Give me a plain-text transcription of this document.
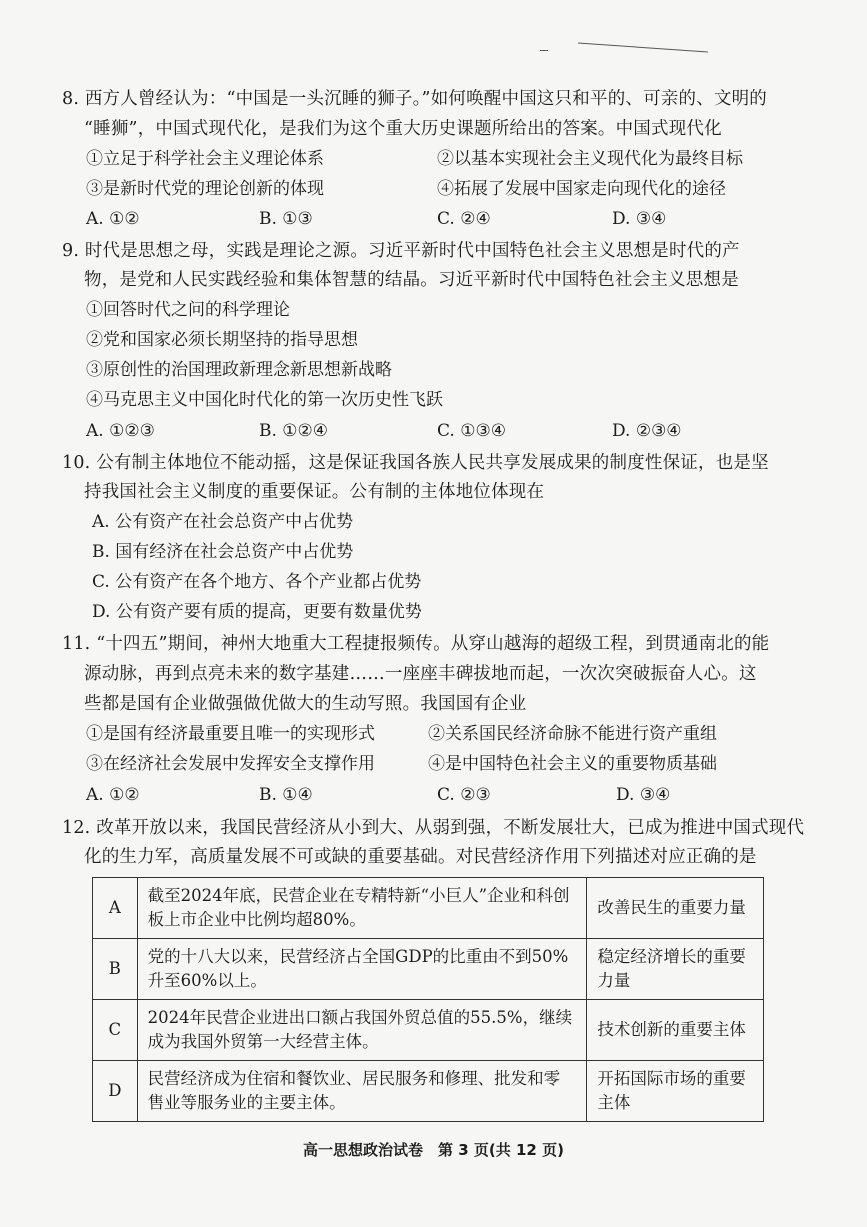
8. 西方人曾经认为：“中国是一头沉睡的狮子。”如何唤醒中国这只和平的、可亲的、文明的
“睡狮”，中国式现代化，是我们为这个重大历史课题所给出的答案。中国式现代化
①立足于科学社会主义理论体系	②以基本实现社会主义现代化为最终目标
③是新时代党的理论创新的体现	④拓展了发展中国家走向现代化的途径
A. ①②	B. ①③	C. ②④	D. ③④
9. 时代是思想之母，实践是理论之源。习近平新时代中国特色社会主义思想是时代的产
物，是党和人民实践经验和集体智慧的结晶。习近平新时代中国特色社会主义思想是
①回答时代之问的科学理论
②党和国家必须长期坚持的指导思想
③原创性的治国理政新理念新思想新战略
④马克思主义中国化时代化的第一次历史性飞跃
A. ①②③	B. ①②④	C. ①③④	D. ②③④
10. 公有制主体地位不能动摇，这是保证我国各族人民共享发展成果的制度性保证，也是坚
持我国社会主义制度的重要保证。公有制的主体地位体现在
A. 公有资产在社会总资产中占优势
B. 国有经济在社会总资产中占优势
C. 公有资产在各个地方、各个产业都占优势
D. 公有资产要有质的提高，更要有数量优势
11. “十四五”期间，神州大地重大工程捷报频传。从穿山越海的超级工程，到贯通南北的能
源动脉，再到点亮未来的数字基建……一座座丰碑拔地而起，一次次突破振奋人心。这
些都是国有企业做强做优做大的生动写照。我国国有企业
①是国有经济最重要且唯一的实现形式	②关系国民经济命脉不能进行资产重组
③在经济社会发展中发挥安全支撑作用	④是中国特色社会主义的重要物质基础
A. ①②	B. ①④	C. ②③	D. ③④
12. 改革开放以来，我国民营经济从小到大、从弱到强，不断发展壮大，已成为推进中国式现代
化的生力军，高质量发展不可或缺的重要基础。对民营经济作用下列描述对应正确的是
A	截至2024年底，民营企业在专精特新“小巨人”企业和科创板上市企业中比例均超80%。	改善民生的重要力量
B	党的十八大以来，民营经济占全国GDP的比重由不到50%升至60%以上。	稳定经济增长的重要力量
C	2024年民营企业进出口额占我国外贸总值的55.5%，继续成为我国外贸第一大经营主体。	技术创新的重要主体
D	民营经济成为住宿和餐饮业、居民服务和修理、批发和零售业等服务业的主要主体。	开拓国际市场的重要主体
高一思想政治试卷　第 3 页(共 12 页)
